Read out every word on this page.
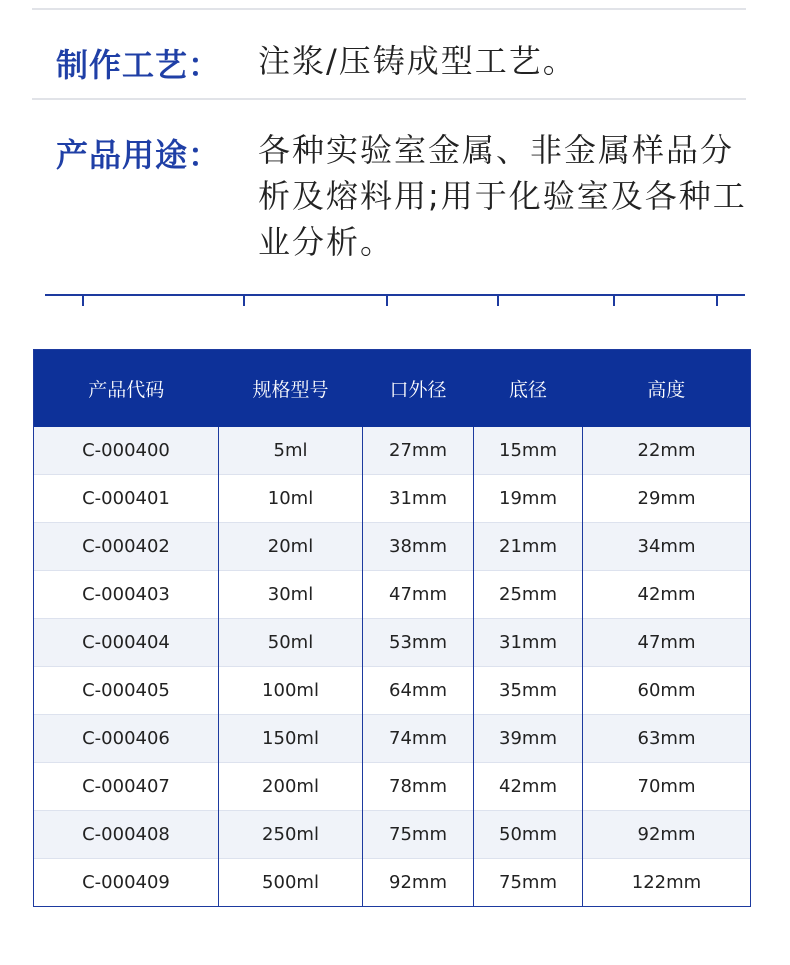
制作工艺： 注浆/压铸成型工艺。
产品用途： 各种实验室金属、非金属样品分析及熔料用;用于化验室及各种工业分析。
产品代码	规格型号	口外径	底径	高度
C-000400	5ml	27mm	15mm	22mm
C-000401	10ml	31mm	19mm	29mm
C-000402	20ml	38mm	21mm	34mm
C-000403	30ml	47mm	25mm	42mm
C-000404	50ml	53mm	31mm	47mm
C-000405	100ml	64mm	35mm	60mm
C-000406	150ml	74mm	39mm	63mm
C-000407	200ml	78mm	42mm	70mm
C-000408	250ml	75mm	50mm	92mm
C-000409	500ml	92mm	75mm	122mm
